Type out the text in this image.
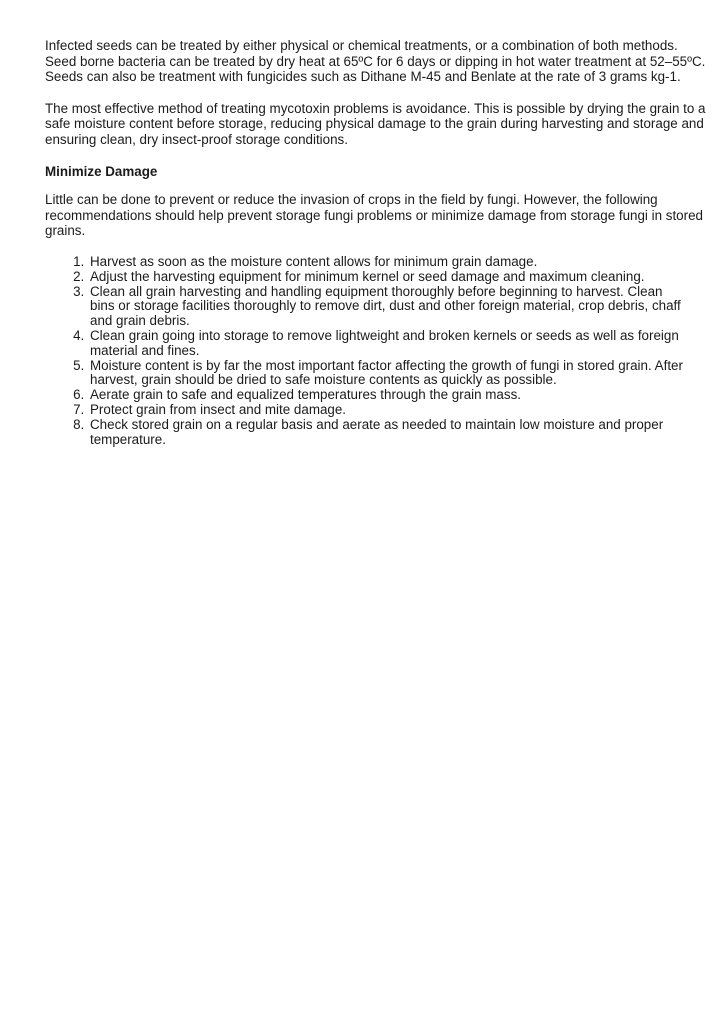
Infected seeds can be treated by either physical or chemical treatments, or a combination of both methods.
Seed borne bacteria can be treated by dry heat at 65ºC for 6 days or dipping in hot water treatment at 52–55ºC.
Seeds can also be treatment with fungicides such as Dithane M-45 and Benlate at the rate of 3 grams kg-1.

The most effective method of treating mycotoxin problems is avoidance. This is possible by drying the grain to a
safe moisture content before storage, reducing physical damage to the grain during harvesting and storage and
ensuring clean, dry insect-proof storage conditions.

Minimize Damage

Little can be done to prevent or reduce the invasion of crops in the field by fungi. However, the following
recommendations should help prevent storage fungi problems or minimize damage from storage fungi in stored
grains.

1. Harvest as soon as the moisture content allows for minimum grain damage.
2. Adjust the harvesting equipment for minimum kernel or seed damage and maximum cleaning.
3. Clean all grain harvesting and handling equipment thoroughly before beginning to harvest. Clean bins or storage facilities thoroughly to remove dirt, dust and other foreign material, crop debris, chaff and grain debris.
4. Clean grain going into storage to remove lightweight and broken kernels or seeds as well as foreign material and fines.
5. Moisture content is by far the most important factor affecting the growth of fungi in stored grain. After harvest, grain should be dried to safe moisture contents as quickly as possible.
6. Aerate grain to safe and equalized temperatures through the grain mass.
7. Protect grain from insect and mite damage.
8. Check stored grain on a regular basis and aerate as needed to maintain low moisture and proper temperature.
